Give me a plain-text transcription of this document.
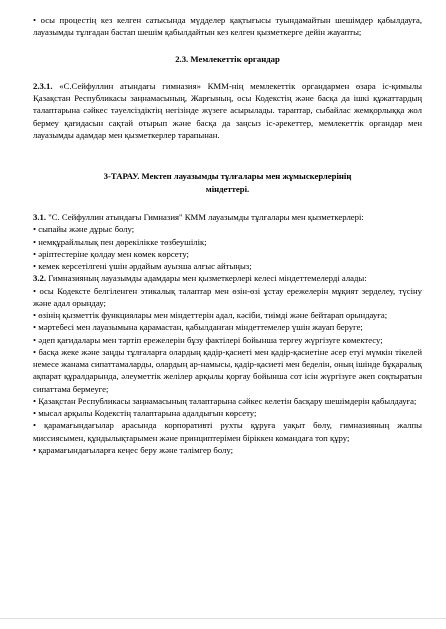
• осы процестің кез келген сатысында мүдделер қақтығысы туындамайтын шешімдер қабылдауға, лауазымды тұлғадан бастап шешім қабылдайтын кез келген қызметкерге дейін жауапты;

2.3. Мемлекеттік органдар

2.3.1. «С.Сейфуллин атындағы гимназия» КММ-нің мемлекеттік органдармен өзара іс-қимылы Қазақстан Республикасы заңнамасының, Жарғының, осы Кодекстің және басқа да ішкі құжаттардың талаптарына сәйкес тәуелсіздіктің негізінде жүзеге асырылады. тараптар, сыбайлас жемқорлыққа жол бермеу қағидасын сақтай отырып және басқа да заңсыз іс-әрекеттер, мемлекеттік органдар мен лауазымды адамдар мен қызметкерлер тарапынан.

3-ТАРАУ. Мектеп лауазымды тұлғалары мен жұмыскерлерінің
міндеттері.

3.1. "С. Сейфуллин атындағы Гимназия" КММ лауазымды тұлғалары мен қызметкерлері:

• сыпайы және дұрыс болу;

• немқұрайлылық пен дөрекілікке төзбеушілік;

• әріптестеріне қолдау мен көмек көрсету;

• кемек керсетілгені үшін әрдайым ауызша алғыс айтыңыз;

3.2. Гимназияның лауазымды адамдары мен қызметкерлері келесі міндеттемелерді алады:

• осы Кодексте белгіленген этикалық талаптар мен өзін-өзі ұстау ережелерін мұқият зерделеу, түсіну және адал орындау;

• өзінің қызметтік функциялары мен міндеттерін адал, кәсіби, тиімді және бейтарап орындауға;

• мәртебесі мен лауазымына қарамастан, қабылданған міндеттемелер үшін жауап беруге;

• әдеп қағидалары мен тәртіп ережелерін бұзу фактілері бойынша тергеу жүргізуге көмектесу;

• басқа жеке және заңды тұлғаларға олардың қадір-қасиеті мен қадір-қасиетіне әсер етуі мүмкін тікелей немесе жанама сипаттамаларды, олардың ар-намысы, қадір-қасиеті мен беделін, оның ішінде бұқаралық ақпарат құралдарында, әлеуметтік желілер арқылы қорғау бойынша сот ісін жүргізуге әкеп соқтыратын сипаттама бермеуге;

• Қазақстан Республикасы заңнамасының талаптарына сәйкес келетін басқару шешімдерін қабылдауға;

• мысал арқылы Кодекстің талаптарына адалдығын көрсету;

• қарамағындағылар арасында корпоративті рухты құруға уақыт бөлу, гимназияның жалпы миссиясымен, құндылықтарымен және принциптерімен біріккен командаға топ құру;

• қарамағындағыларға кеңес беру және тәлімгер болу;
